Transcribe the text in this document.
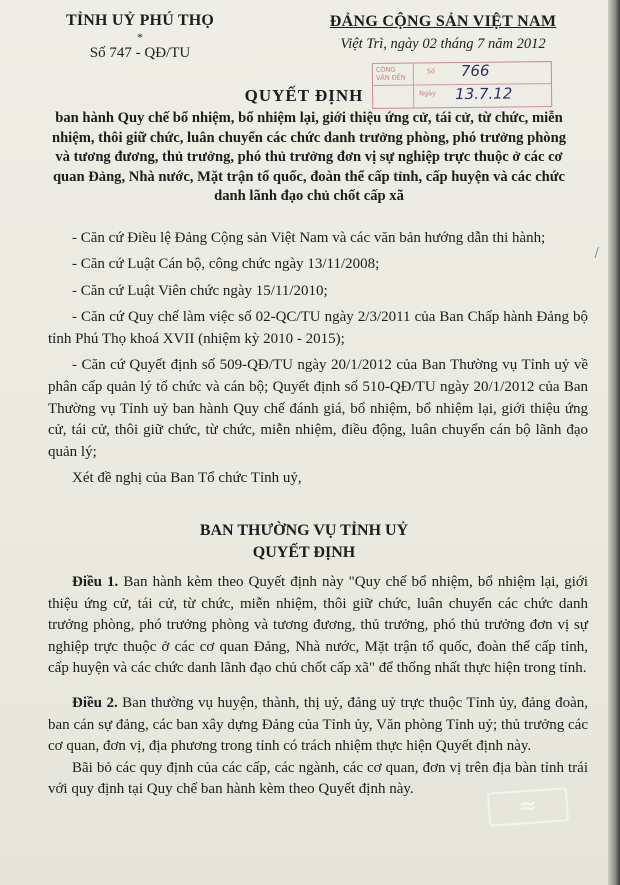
TỈNH UỶ PHÚ THỌ
*
Số 747 - QĐ/TU
ĐẢNG CỘNG SẢN VIỆT NAM
Việt Trì, ngày 02 tháng 7 năm 2012
CÔNG VĂN ĐẾN
Số 766
Ngày 13.7.12
QUYẾT ĐỊNH
ban hành Quy chế bổ nhiệm, bổ nhiệm lại, giới thiệu ứng cử, tái cử, từ chức, miễn nhiệm, thôi giữ chức, luân chuyển các chức danh trưởng phòng, phó trưởng phòng và tương đương, thủ trưởng, phó thủ trưởng đơn vị sự nghiệp trực thuộc ở các cơ quan Đảng, Nhà nước, Mặt trận tổ quốc, đoàn thể cấp tỉnh, cấp huyện và các chức danh lãnh đạo chủ chốt cấp xã

- Căn cứ Điều lệ Đảng Cộng sản Việt Nam và các văn bản hướng dẫn thi hành;

- Căn cứ Luật Cán bộ, công chức ngày 13/11/2008;

- Căn cứ Luật Viên chức ngày 15/11/2010;

- Căn cứ Quy chế làm việc số 02-QC/TU ngày 2/3/2011 của Ban Chấp hành Đảng bộ tỉnh Phú Thọ khoá XVII (nhiệm kỳ 2010 - 2015);

- Căn cứ Quyết định số 509-QĐ/TU ngày 20/1/2012 của Ban Thường vụ Tỉnh uỷ về phân cấp quản lý tổ chức và cán bộ; Quyết định số 510-QĐ/TU ngày 20/1/2012 của Ban Thường vụ Tỉnh uỷ ban hành Quy chế đánh giá, bổ nhiệm, bổ nhiệm lại, giới thiệu ứng cử, tái cử, thôi giữ chức, từ chức, miễn nhiệm, điều động, luân chuyển cán bộ lãnh đạo quản lý;

Xét đề nghị của Ban Tổ chức Tỉnh uỷ,

BAN THƯỜNG VỤ TỈNH UỶ
QUYẾT ĐỊNH

Điều 1. Ban hành kèm theo Quyết định này "Quy chế bổ nhiệm, bổ nhiệm lại, giới thiệu ứng cử, tái cử, từ chức, miễn nhiệm, thôi giữ chức, luân chuyển các chức danh trưởng phòng, phó trưởng phòng và tương đương, thủ trưởng, phó thủ trưởng đơn vị sự nghiệp trực thuộc ở các cơ quan Đảng, Nhà nước, Mặt trận tổ quốc, đoàn thể cấp tỉnh, cấp huyện và các chức danh lãnh đạo chủ chốt cấp xã" để thống nhất thực hiện trong tỉnh.

Điều 2. Ban thường vụ huyện, thành, thị uỷ, đảng uỷ trực thuộc Tỉnh ủy, đảng đoàn, ban cán sự đảng, các ban xây dựng Đảng của Tỉnh ủy, Văn phòng Tỉnh uỷ; thủ trưởng các cơ quan, đơn vị, địa phương trong tỉnh có trách nhiệm thực hiện Quyết định này.

Bãi bỏ các quy định của các cấp, các ngành, các cơ quan, đơn vị trên địa bàn tỉnh trái với quy định tại Quy chế ban hành kèm theo Quyết định này.

⁄
≈
